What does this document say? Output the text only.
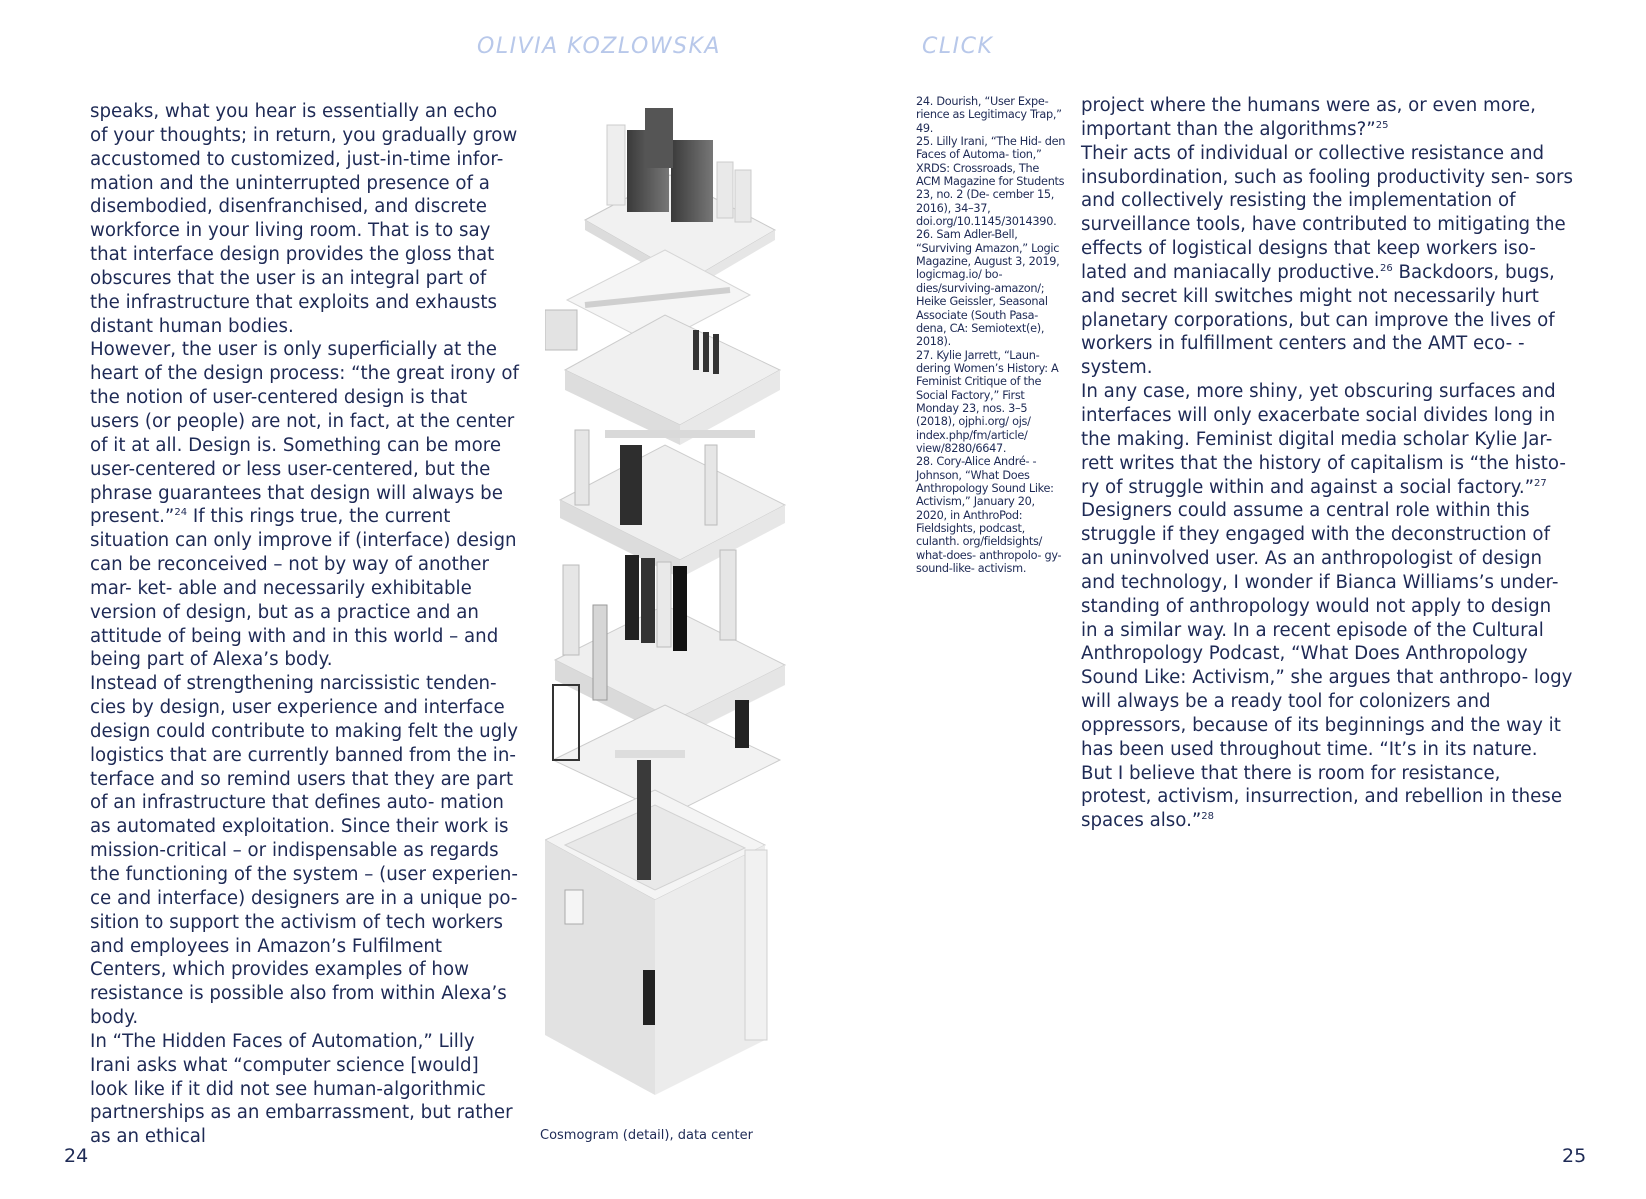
OLIVIA KOZLOWSKA	CLICK

speaks, what you hear is essentially an echo of your thoughts; in return, you gradually grow accustomed to customized, just-in-time infor- mation and the uninterrupted presence of a disembodied, disenfranchised, and discrete workforce in your living room. That is to say that interface design provides the gloss that obscures that the user is an integral part of the infrastructure that exploits and exhausts distant human bodies.

However, the user is only superficially at the heart of the design process: “the great irony of the notion of user-centered design is that users (or people) are not, in fact, at the center of it at all. Design is. Something can be more user-centered or less user-centered, but the phrase guarantees that design will always be present.”$^{24}$ If this rings true, the current situation can only improve if (interface) design can be reconceived – not by way of another mar- ket- able and necessarily exhibitable version of design, but as a practice and an attitude of being with and in this world – and being part of Alexa’s body.

Instead of strengthening narcissistic tenden- cies by design, user experience and interface design could contribute to making felt the ugly logistics that are currently banned from the in- terface and so remind users that they are part of an infrastructure that defines auto- mation as automated exploitation. Since their work is mission-critical – or indispensable as regards the functioning of the system – (user experien- ce and interface) designers are in a unique po- sition to support the activism of tech workers and employees in Amazon’s Fulfilment Centers, which provides examples of how resistance is possible also from within Alexa’s body.

In “The Hidden Faces of Automation,” Lilly Irani asks what “computer science [would] look like if it did not see human-algorithmic partnerships as an embarrassment, but rather as an ethical

24. Dourish, “User Expe- rience as Legitimacy Trap,” 49.

25. Lilly Irani, “The Hid- den Faces of Automa- tion,” XRDS: Crossroads, The ACM Magazine for Students 23, no. 2 (De- cember 15, 2016), 34–37, doi.org/10.1145/3014390.

26. Sam Adler-Bell, “Surviving Amazon,” Logic Magazine, August 3, 2019, logicmag.io/ bo- dies/surviving-amazon/; Heike Geissler, Seasonal Associate (South Pasa- dena, CA: Semiotext(e), 2018).

27. Kylie Jarrett, “Laun- dering Women’s History: A Feminist Critique of the Social Factory,” First Monday 23, nos. 3–5 (2018), ojphi.org/ ojs/ index.php/fm/article/ view/8280/6647.

28. Cory-Alice André- -Johnson, “What Does Anthropology Sound Like: Activism,” January 20, 2020, in AnthroPod: Fieldsights, podcast, culanth. org/fieldsights/ what-does- anthropolo- gy-sound-like- activism.

project where the humans were as, or even more, important than the algorithms?”$^{25}$

Their acts of individual or collective resistance and insubordination, such as fooling productivity sen- sors and collectively resisting the implementation of surveillance tools, have contributed to mitigating the effects of logistical designs that keep workers iso- lated and maniacally productive.$^{26}$ Backdoors, bugs, and secret kill switches might not necessarily hurt planetary corporations, but can improve the lives of workers in fulfillment centers and the AMT eco- -system.

In any case, more shiny, yet obscuring surfaces and interfaces will only exacerbate social divides long in the making. Feminist digital media scholar Kylie Jar- rett writes that the history of capitalism is “the histo- ry of struggle within and against a social factory.”$^{27}$ Designers could assume a central role within this struggle if they engaged with the deconstruction of an uninvolved user. As an anthropologist of design and technology, I wonder if Bianca Williams’s under- standing of anthropology would not apply to design in a similar way. In a recent episode of the Cultural Anthropology Podcast, “What Does Anthropology Sound Like: Activism,” she argues that anthropo- logy will always be a ready tool for colonizers and oppressors, because of its beginnings and the way it has been used throughout time. “It’s in its nature. But I believe that there is room for resistance, protest, activism, insurrection, and rebellion in these spaces also.”$^{28}$

Cosmogram (detail), data center
24	25
